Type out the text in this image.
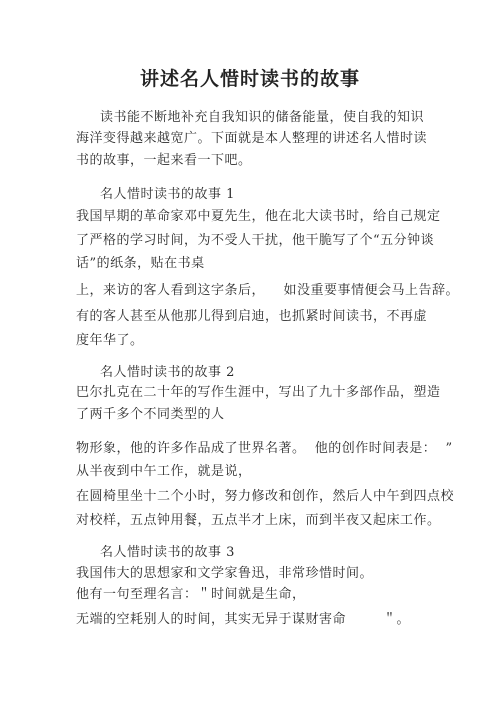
讲述名人惜时读书的故事

读书能不断地补充自我知识的储备能量，使自我的知识

海洋变得越来越宽广。下面就是本人整理的讲述名人惜时读

书的故事，一起来看一下吧。

名人惜时读书的故事 1

我国早期的革命家邓中夏先生，他在北大读书时，给自己规定

了严格的学习时间，为不受人干扰，他干脆写了个“五分钟谈

话”的纸条，贴在书桌

上，来访的客人看到这字条后，    如没重要事情便会马上告辞。

有的客人甚至从他那儿得到启迪，也抓紧时间读书，不再虚

度年华了。

名人惜时读书的故事 2

巴尔扎克在二十年的写作生涯中，写出了九十多部作品，塑造

了两千多个不同类型的人

物形象，他的许多作品成了世界名著。  他的创作时间表是：  ”

从半夜到中午工作，就是说，

在圆椅里坐十二个小时，努力修改和创作，然后人中午到四点校

对校样，五点钟用餐，五点半才上床，而到半夜又起床工作。

名人惜时读书的故事 3

我国伟大的思想家和文学家鲁迅，非常珍惜时间。

他有一句至理名言：＂时间就是生命，

无端的空耗别人的时间，其实无异于谋财害命        ＂。
